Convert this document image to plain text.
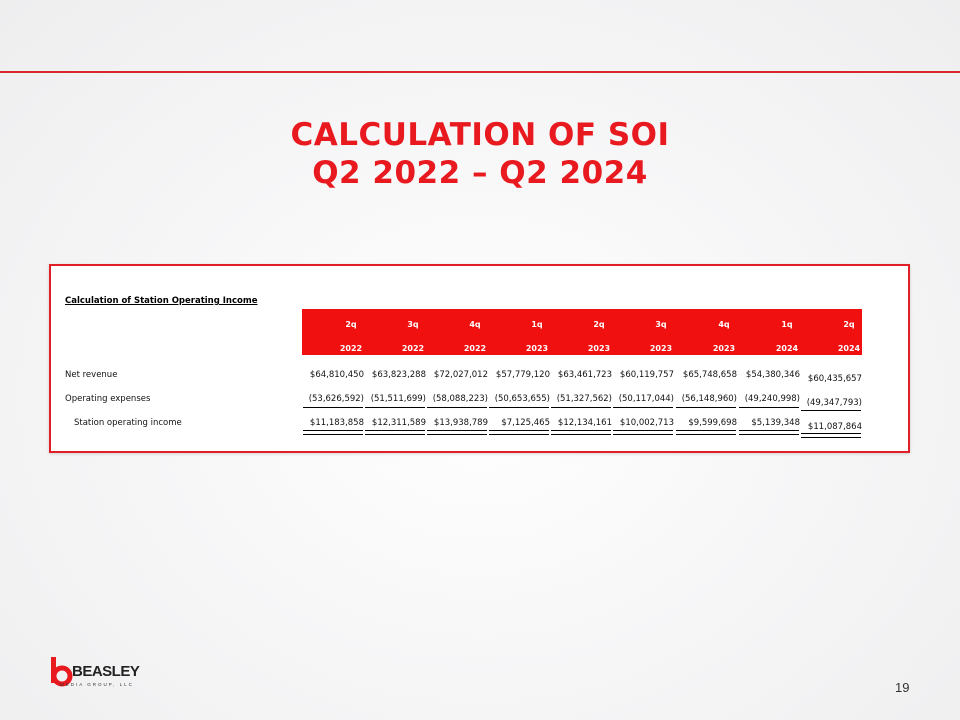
CALCULATION OF SOI
Q2 2022 – Q2 2024
Calculation of Station Operating Income
2q
2022
3q
2022
4q
2022
1q
2023
2q
2023
3q
2023
4q
2023
1q
2024
2q
2024
Net revenue
Operating expenses
Station operating income
$64,810,450 $63,823,288 $72,027,012 $57,779,120 $63,461,723 $60,119,757 $65,748,658 $54,380,346 $60,435,657
(53,626,592) (51,511,699) (58,088,223) (50,653,655) (51,327,562) (50,117,044) (56,148,960) (49,240,998) (49,347,793)
$11,183,858 $12,311,589 $13,938,789 $7,125,465 $12,134,161 $10,002,713 $9,599,698 $5,139,348 $11,087,864
BEASLEY
MEDIA GROUP, LLC	19
